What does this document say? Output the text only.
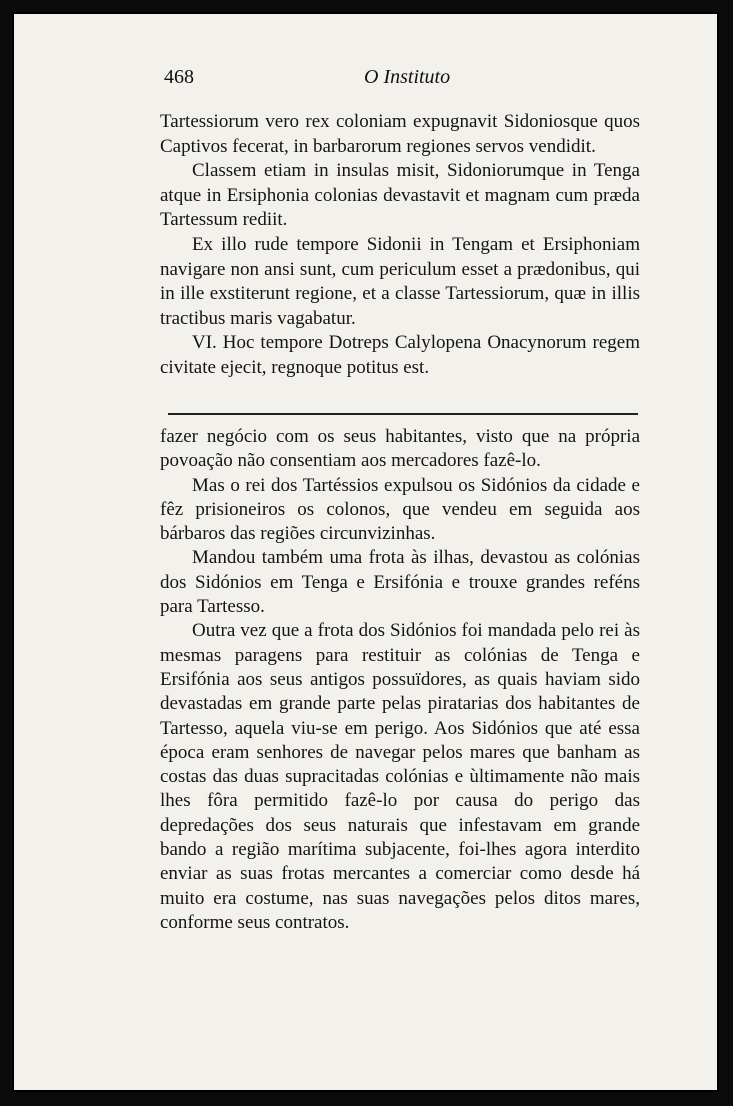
468	O Instituto

Tartessiorum vero rex coloniam expugnavit Sidoniosque quos Captivos fecerat, in barbarorum regiones servos vendidit.

Classem etiam in insulas misit, Sidoniorumque in Tenga atque in Ersiphonia colonias devastavit et magnam cum præda Tartessum rediit.

Ex illo rude tempore Sidonii in Tengam et Ersiphoniam navigare non ansi sunt, cum periculum esset a prædonibus, qui in ille exstiterunt regione, et a classe Tartessiorum, quæ in illis tractibus maris vagabatur.

VI. Hoc tempore Dotreps Calylopena Onacynorum regem civitate ejecit, regnoque potitus est.

fazer negócio com os seus habitantes, visto que na própria povoação não consentiam aos mercadores fazê-lo.

Mas o rei dos Tartéssios expulsou os Sidónios da cidade e fêz prisioneiros os colonos, que vendeu em seguida aos bárbaros das regiões circunvizinhas.

Mandou também uma frota às ilhas, devastou as colónias dos Sidónios em Tenga e Ersifónia e trouxe grandes reféns para Tartesso.

Outra vez que a frota dos Sidónios foi mandada pelo rei às mesmas paragens para restituir as colónias de Tenga e Ersifónia aos seus antigos possuïdores, as quais haviam sido devastadas em grande parte pelas piratarias dos habitantes de Tartesso, aquela viu-se em perigo. Aos Sidónios que até essa época eram senhores de navegar pelos mares que banham as costas das duas supracitadas colónias e ùltimamente não mais lhes fôra permitido fazê-lo por causa do perigo das depredações dos seus naturais que infestavam em grande bando a região marítima subjacente, foi-lhes agora interdito enviar as suas frotas mercantes a comerciar como desde há muito era costume, nas suas navegações pelos ditos mares, conforme seus contratos.
